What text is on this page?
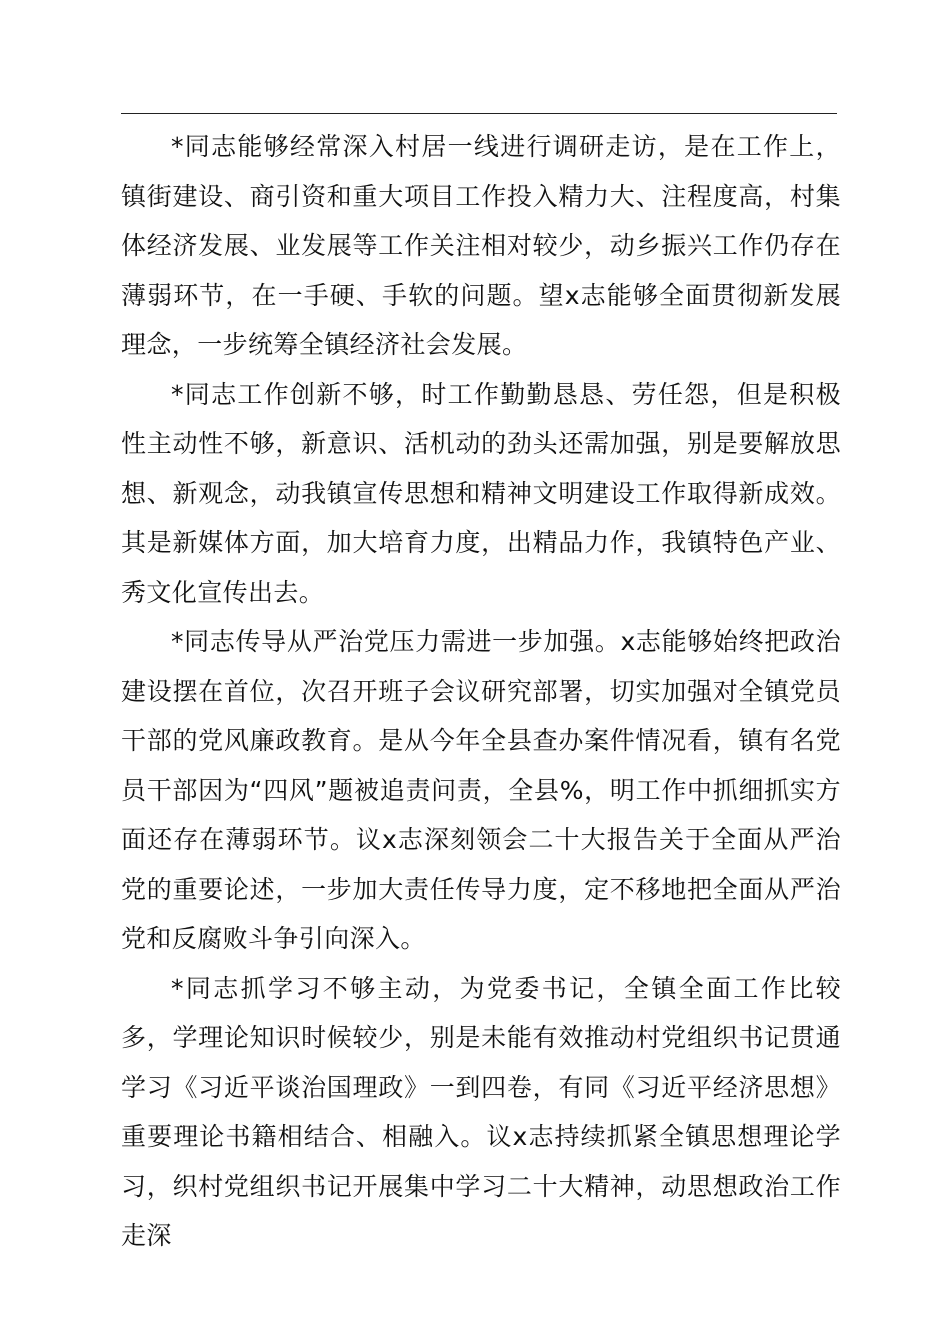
*同志能够经常深入村居一线进行调研走访，是在工作上，镇街建设、商引资和重大项目工作投入精力大、注程度高，村集体经济发展、业发展等工作关注相对较少，动乡振兴工作仍存在薄弱环节，在一手硬、手软的问题。望x志能够全面贯彻新发展理念，一步统筹全镇经济社会发展。

*同志工作创新不够，时工作勤勤恳恳、劳任怨，但是积极性主动性不够，新意识、活机动的劲头还需加强，别是要解放思想、新观念，动我镇宣传思想和精神文明建设工作取得新成效。其是新媒体方面，加大培育力度，出精品力作，我镇特色产业、秀文化宣传出去。

*同志传导从严治党压力需进一步加强。x志能够始终把政治建设摆在首位，次召开班子会议研究部署，切实加强对全镇党员干部的党风廉政教育。是从今年全县查办案件情况看，镇有名党员干部因为“四风”题被追责问责，全县%，明工作中抓细抓实方面还存在薄弱环节。议x志深刻领会二十大报告关于全面从严治党的重要论述，一步加大责任传导力度，定不移地把全面从严治党和反腐败斗争引向深入。

*同志抓学习不够主动，为党委书记，全镇全面工作比较多，学理论知识时候较少，别是未能有效推动村党组织书记贯通学习《习近平谈治国理政》一到四卷，有同《习近平经济思想》重要理论书籍相结合、相融入。议x志持续抓紧全镇思想理论学习，织村党组织书记开展集中学习二十大精神，动思想政治工作走深
